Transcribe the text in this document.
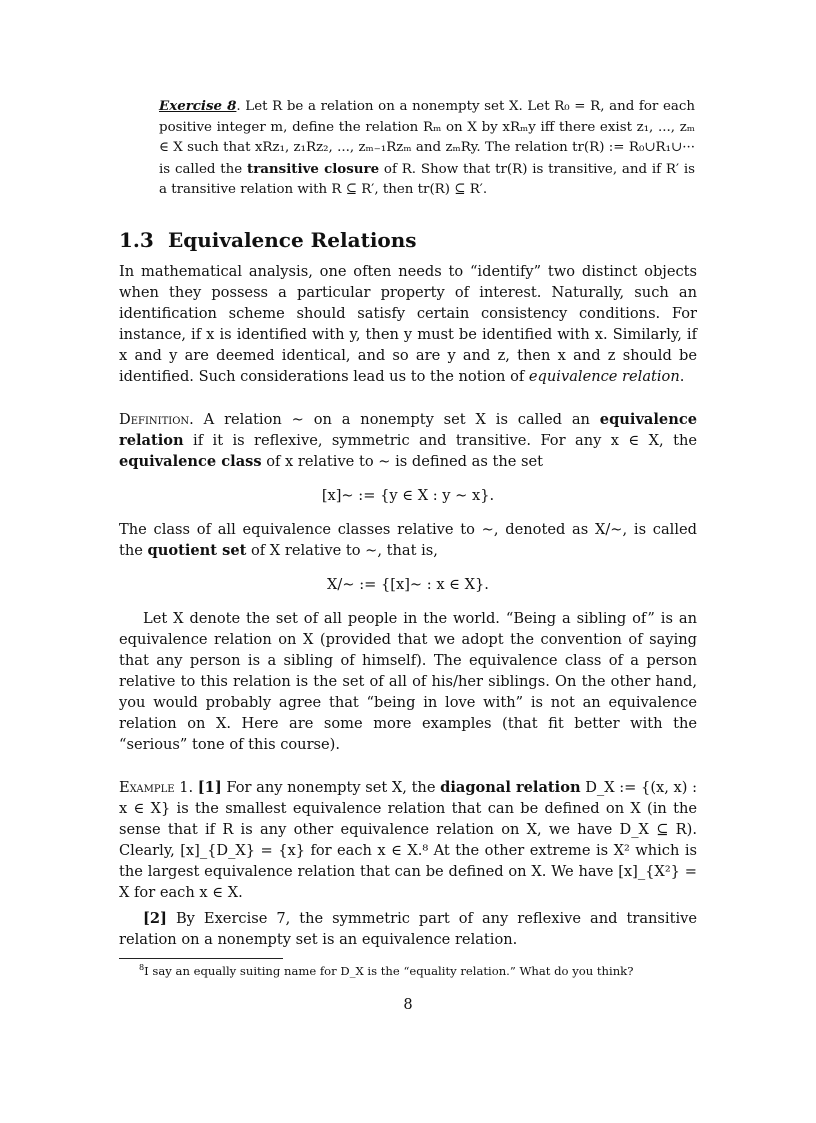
Exercise 8. Let R be a relation on a nonempty set X. Let R₀ = R, and for each positive integer m, define the relation Rₘ on X by xRₘy iff there exist z₁, ..., zₘ ∈ X such that xRz₁, z₁Rz₂, ..., zₘ₋₁Rzₘ and zₘRy. The relation tr(R) := R₀∪R₁∪··· is called the transitive closure of R. Show that tr(R) is transitive, and if R′ is a transitive relation with R ⊆ R′, then tr(R) ⊆ R′.

1.3 Equivalence Relations

In mathematical analysis, one often needs to “identify” two distinct objects when they possess a particular property of interest. Naturally, such an identification scheme should satisfy certain consistency conditions. For instance, if x is identified with y, then y must be identified with x. Similarly, if x and y are deemed identical, and so are y and z, then x and z should be identified. Such considerations lead us to the notion of equivalence relation.

Definition. A relation ∼ on a nonempty set X is called an equivalence relation if it is reflexive, symmetric and transitive. For any x ∈ X, the equivalence class of x relative to ∼ is defined as the set

[x]∼ := {y ∈ X : y ∼ x}.

The class of all equivalence classes relative to ∼, denoted as X/∼, is called the quotient set of X relative to ∼, that is,

X/∼ := {[x]∼ : x ∈ X}.

Let X denote the set of all people in the world. “Being a sibling of” is an equivalence relation on X (provided that we adopt the convention of saying that any person is a sibling of himself). The equivalence class of a person relative to this relation is the set of all of his/her siblings. On the other hand, you would probably agree that “being in love with” is not an equivalence relation on X. Here are some more examples (that fit better with the “serious” tone of this course).

Example 1. [1] For any nonempty set X, the diagonal relation D_X := {(x, x) : x ∈ X} is the smallest equivalence relation that can be defined on X (in the sense that if R is any other equivalence relation on X, we have D_X ⊆ R). Clearly, [x]_{D_X} = {x} for each x ∈ X.⁸ At the other extreme is X² which is the largest equivalence relation that can be defined on X. We have [x]_{X²} = X for each x ∈ X.

[2] By Exercise 7, the symmetric part of any reflexive and transitive relation on a nonempty set is an equivalence relation.

$^8$I say an equally suiting name for D_X is the “equality relation.” What do you think?

8
